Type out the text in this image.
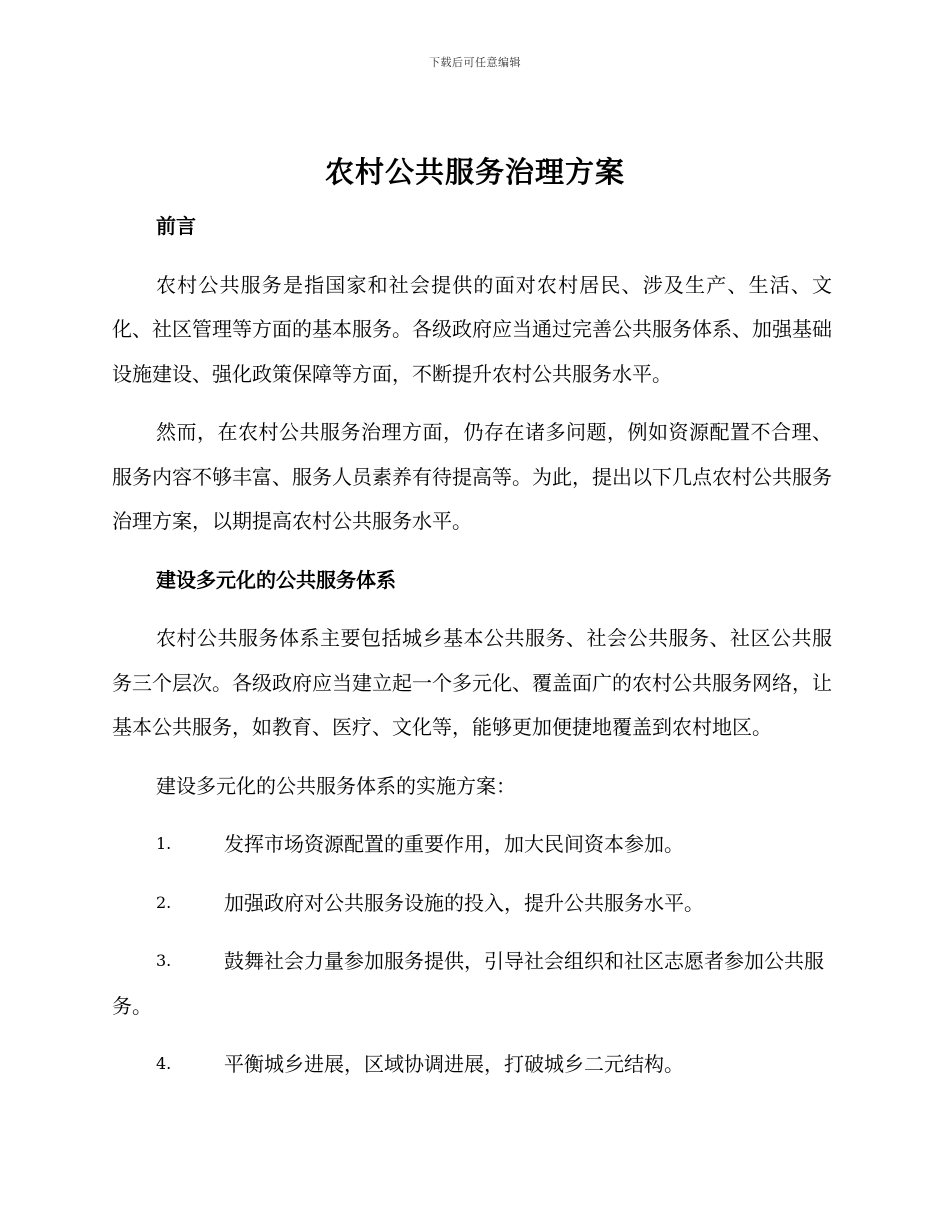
下载后可任意编辑
农村公共服务治理方案
前言
农村公共服务是指国家和社会提供的面对农村居民、涉及生产、生活、文化、社区管理等方面的基本服务。各级政府应当通过完善公共服务体系、加强基础设施建设、强化政策保障等方面，不断提升农村公共服务水平。
然而，在农村公共服务治理方面，仍存在诸多问题，例如资源配置不合理、服务内容不够丰富、服务人员素养有待提高等。为此，提出以下几点农村公共服务治理方案，以期提高农村公共服务水平。
建设多元化的公共服务体系
农村公共服务体系主要包括城乡基本公共服务、社会公共服务、社区公共服务三个层次。各级政府应当建立起一个多元化、覆盖面广的农村公共服务网络，让基本公共服务，如教育、医疗、文化等，能够更加便捷地覆盖到农村地区。
建设多元化的公共服务体系的实施方案：
1.	发挥市场资源配置的重要作用，加大民间资本参加。
2.	加强政府对公共服务设施的投入，提升公共服务水平。
3.	鼓舞社会力量参加服务提供，引导社会组织和社区志愿者参加公共服务。
4.	平衡城乡进展，区域协调进展，打破城乡二元结构。
